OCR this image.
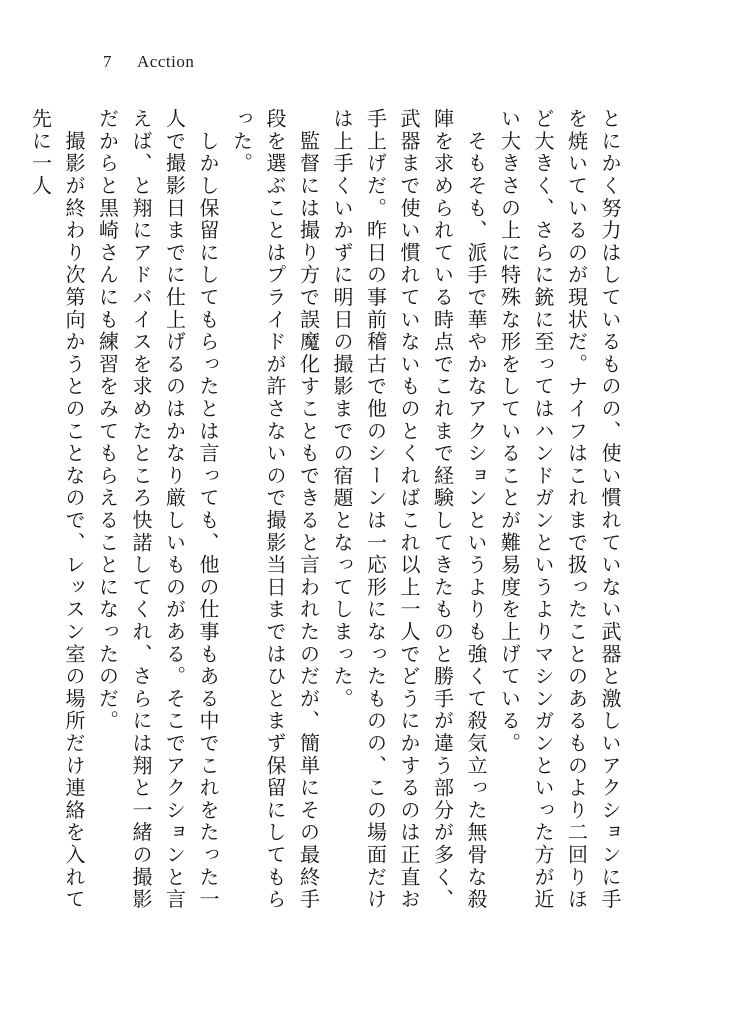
7 Acction

とにかく努力はしているものの、使い慣れていない武器と激しいアクションに手を焼いているのが現状だ。ナイフはこれまで扱ったことのあるものより二回りほど大きく、さらに銃に至ってはハンドガンというよりマシンガンといった方が近い大きさの上に特殊な形をしていることが難易度を上げている。

　そもそも、派手で華やかなアクションというよりも強くて殺気立った無骨な殺陣を求められている時点でこれまで経験してきたものと勝手が違う部分が多く、武器まで使い慣れていないものとくればこれ以上一人でどうにかするのは正直お手上げだ。昨日の事前稽古で他のシーンは一応形になったものの、この場面だけは上手くいかずに明日の撮影までの宿題となってしまった。

　監督には撮り方で誤魔化すこともできると言われたのだが、簡単にその最終手段を選ぶことはプライドが許さないので撮影当日まではひとまず保留にしてもらった。

　しかし保留にしてもらったとは言っても、他の仕事もある中でこれをたった一人で撮影日までに仕上げるのはかなり厳しいものがある。そこでアクションと言えば、と翔にアドバイスを求めたところ快諾してくれ、さらには翔と一緒の撮影だからと黒崎さんにも練習をみてもらえることになったのだ。

　撮影が終わり次第向かうとのことなので、レッスン室の場所だけ連絡を入れて先に一人
